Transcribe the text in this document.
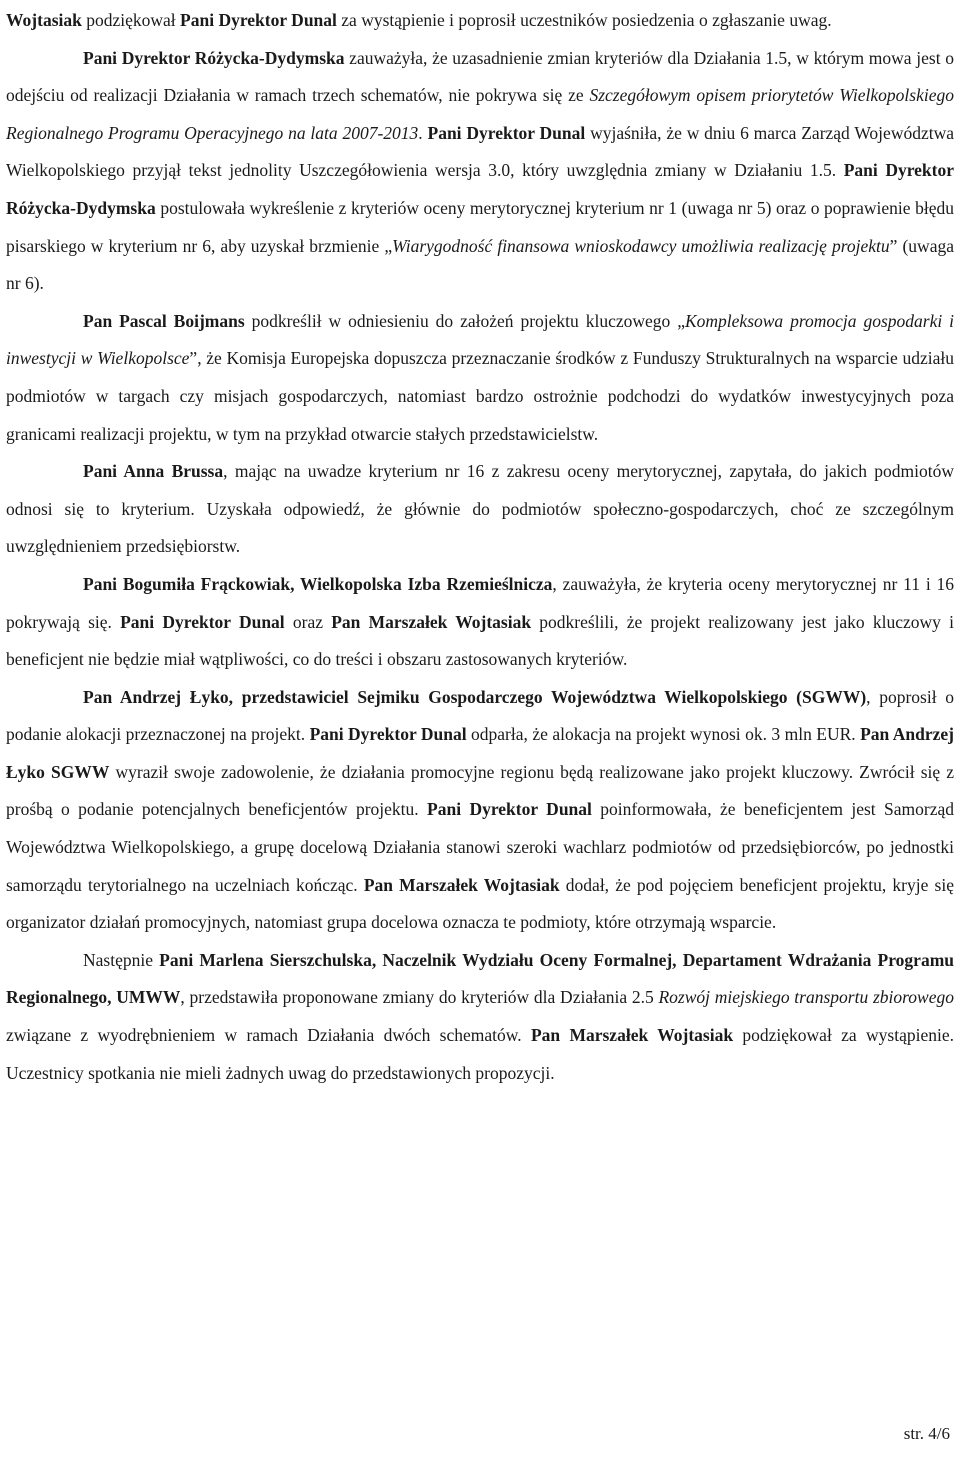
Wojtasiak podziękował Pani Dyrektor Dunal za wystąpienie i poprosił uczestników posiedzenia o zgłaszanie uwag.

Pani Dyrektor Różycka-Dydymska zauważyła, że uzasadnienie zmian kryteriów dla Działania 1.5, w którym mowa jest o odejściu od realizacji Działania w ramach trzech schematów, nie pokrywa się ze Szczegółowym opisem priorytetów Wielkopolskiego Regionalnego Programu Operacyjnego na lata 2007-2013. Pani Dyrektor Dunal wyjaśniła, że w dniu 6 marca Zarząd Województwa Wielkopolskiego przyjął tekst jednolity Uszczegółowienia wersja 3.0, który uwzględnia zmiany w Działaniu 1.5. Pani Dyrektor Różycka-Dydymska postulowała wykreślenie z kryteriów oceny merytorycznej kryterium nr 1 (uwaga nr 5) oraz o poprawienie błędu pisarskiego w kryterium nr 6, aby uzyskał brzmienie „Wiarygodność finansowa wnioskodawcy umożliwia realizację projektu” (uwaga nr 6).

Pan Pascal Boijmans podkreślił w odniesieniu do założeń projektu kluczowego „Kompleksowa promocja gospodarki i inwestycji w Wielkopolsce”, że Komisja Europejska dopuszcza przeznaczanie środków z Funduszy Strukturalnych na wsparcie udziału podmiotów w targach czy misjach gospodarczych, natomiast bardzo ostrożnie podchodzi do wydatków inwestycyjnych poza granicami realizacji projektu, w tym na przykład otwarcie stałych przedstawicielstw.

Pani Anna Brussa, mając na uwadze kryterium nr 16 z zakresu oceny merytorycznej, zapytała, do jakich podmiotów odnosi się to kryterium. Uzyskała odpowiedź, że głównie do podmiotów społeczno-gospodarczych, choć ze szczególnym uwzględnieniem przedsiębiorstw.

Pani Bogumiła Frąckowiak, Wielkopolska Izba Rzemieślnicza, zauważyła, że kryteria oceny merytorycznej nr 11 i 16 pokrywają się. Pani Dyrektor Dunal oraz Pan Marszałek Wojtasiak podkreślili, że projekt realizowany jest jako kluczowy i beneficjent nie będzie miał wątpliwości, co do treści i obszaru zastosowanych kryteriów.

Pan Andrzej Łyko, przedstawiciel Sejmiku Gospodarczego Województwa Wielkopolskiego (SGWW), poprosił o podanie alokacji przeznaczonej na projekt. Pani Dyrektor Dunal odparła, że alokacja na projekt wynosi ok. 3 mln EUR. Pan Andrzej Łyko SGWW wyraził swoje zadowolenie, że działania promocyjne regionu będą realizowane jako projekt kluczowy. Zwrócił się z prośbą o podanie potencjalnych beneficjentów projektu. Pani Dyrektor Dunal poinformowała, że beneficjentem jest Samorząd Województwa Wielkopolskiego, a grupę docelową Działania stanowi szeroki wachlarz podmiotów od przedsiębiorców, po jednostki samorządu terytorialnego na uczelniach kończąc. Pan Marszałek Wojtasiak dodał, że pod pojęciem beneficjent projektu, kryje się organizator działań promocyjnych, natomiast grupa docelowa oznacza te podmioty, które otrzymają wsparcie.

Następnie Pani Marlena Sierszchulska, Naczelnik Wydziału Oceny Formalnej, Departament Wdrażania Programu Regionalnego, UMWW, przedstawiła proponowane zmiany do kryteriów dla Działania 2.5 Rozwój miejskiego transportu zbiorowego związane z wyodrębnieniem w ramach Działania dwóch schematów. Pan Marszałek Wojtasiak podziękował za wystąpienie. Uczestnicy spotkania nie mieli żadnych uwag do przedstawionych propozycji.

str. 4/6
